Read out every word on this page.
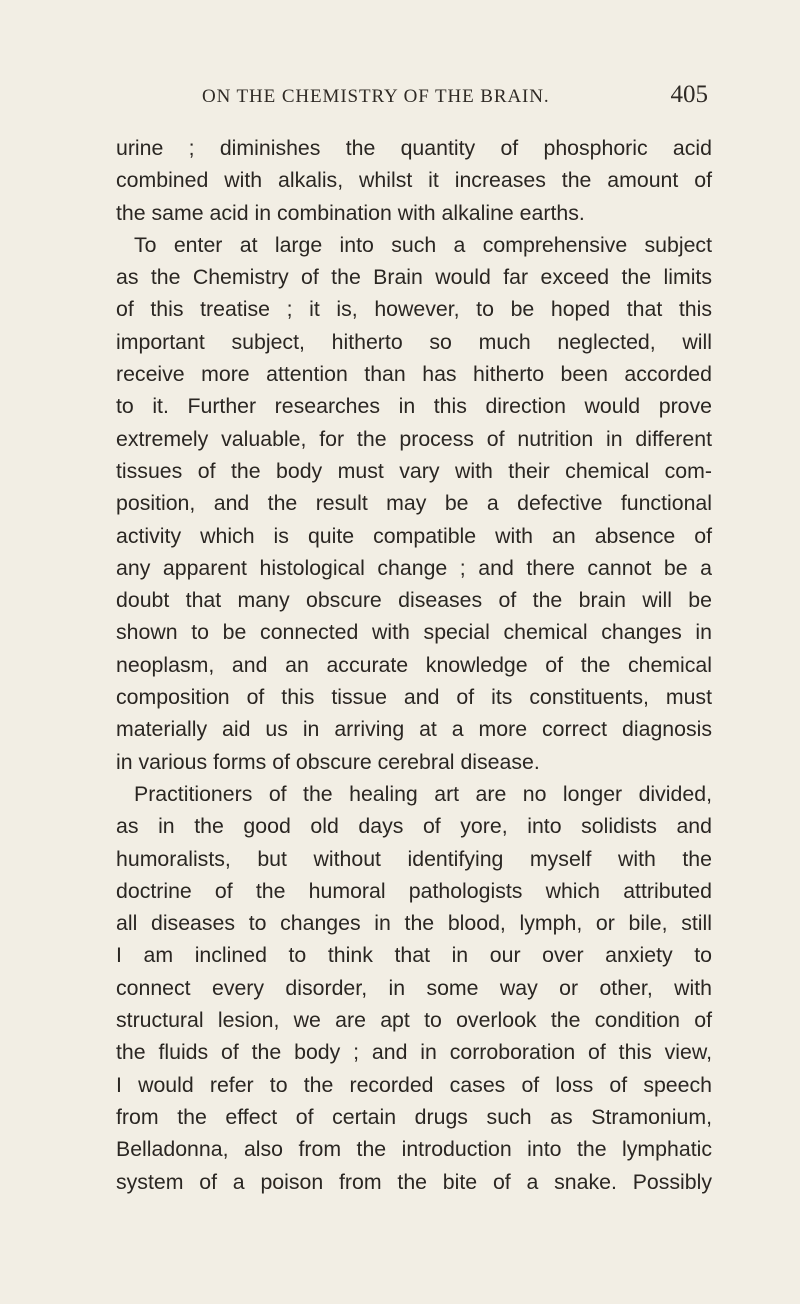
ON THE CHEMISTRY OF THE BRAIN.	405
urine ; diminishes the quantity of phosphoric acid
combined with alkalis, whilst it increases the amount of
the same acid in combination with alkaline earths.
To enter at large into such a comprehensive subject
as the Chemistry of the Brain would far exceed the limits
of this treatise ; it is, however, to be hoped that this
important subject, hitherto so much neglected, will
receive more attention than has hitherto been accorded
to it. Further researches in this direction would prove
extremely valuable, for the process of nutrition in different
tissues of the body must vary with their chemical com-
position, and the result may be a defective functional
activity which is quite compatible with an absence of
any apparent histological change ; and there cannot be a
doubt that many obscure diseases of the brain will be
shown to be connected with special chemical changes in
neoplasm, and an accurate knowledge of the chemical
composition of this tissue and of its constituents, must
materially aid us in arriving at a more correct diagnosis
in various forms of obscure cerebral disease.
Practitioners of the healing art are no longer divided,
as in the good old days of yore, into solidists and
humoralists, but without identifying myself with the
doctrine of the humoral pathologists which attributed
all diseases to changes in the blood, lymph, or bile, still
I am inclined to think that in our over anxiety to
connect every disorder, in some way or other, with
structural lesion, we are apt to overlook the condition of
the fluids of the body ; and in corroboration of this view,
I would refer to the recorded cases of loss of speech
from the effect of certain drugs such as Stramonium,
Belladonna, also from the introduction into the lymphatic
system of a poison from the bite of a snake. Possibly
